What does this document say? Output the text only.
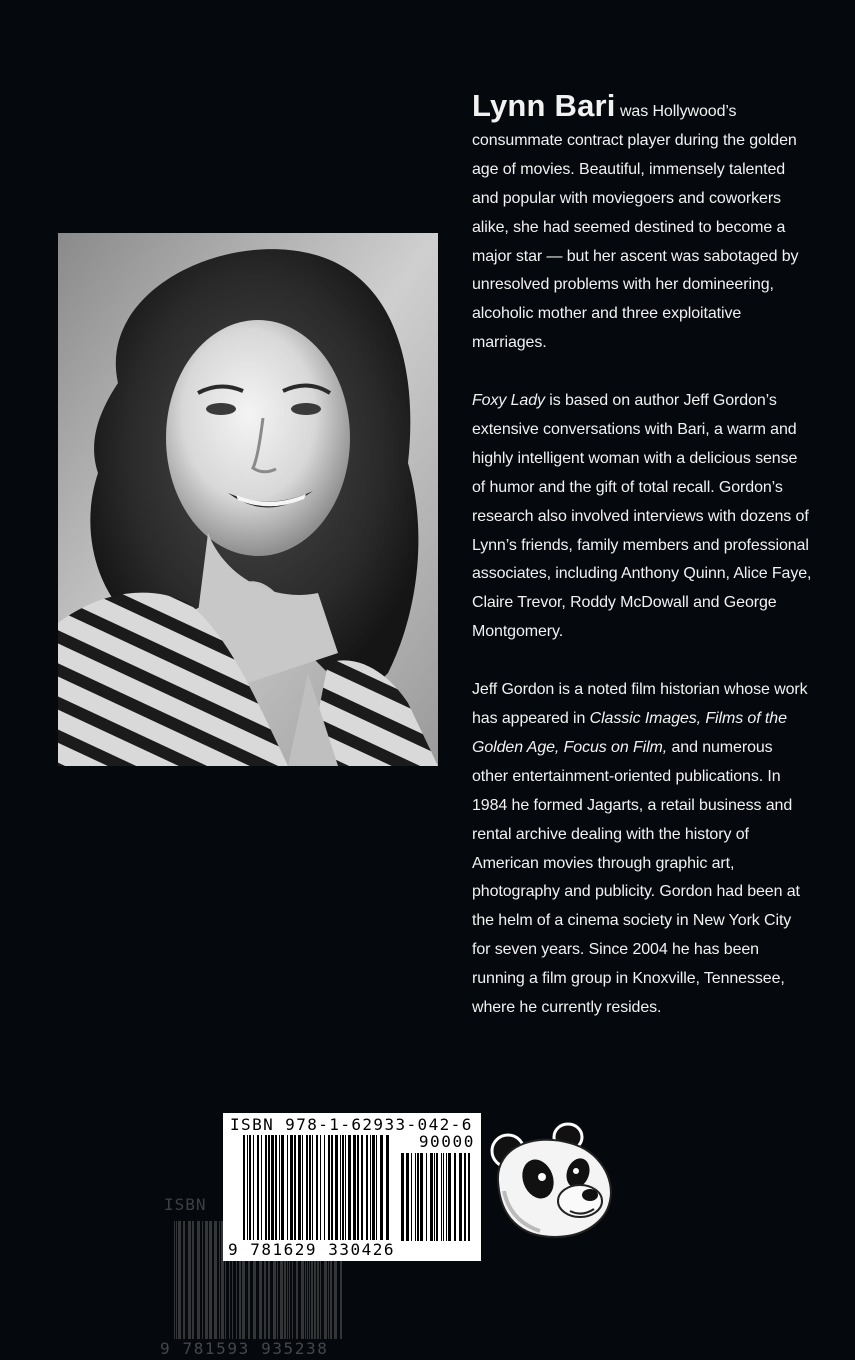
Lynn Bari was Hollywood’s consummate contract player during the golden age of movies. Beautiful, immensely talented and popular with moviegoers and coworkers alike, she had seemed destined to become a major star — but her ascent was sabotaged by unresolved problems with her domineering, alcoholic mother and three exploitative marriages.

Foxy Lady is based on author Jeff Gordon’s extensive conversations with Bari, a warm and highly intelligent woman with a delicious sense of humor and the gift of total recall. Gordon’s research also involved interviews with dozens of Lynn’s friends, family members and professional associates, including Anthony Quinn, Alice Faye, Claire Trevor, Roddy McDowall and George Montgomery.

Jeff Gordon is a noted film historian whose work has appeared in Classic Images, Films of the Golden Age, Focus on Film, and numerous other entertainment-oriented publications. In 1984 he formed Jagarts, a retail business and rental archive dealing with the history of American movies through graphic art, photography and publicity. Gordon had been at the helm of a cinema society in New York City for seven years. Since 2004 he has been running a film group in Knoxville, Tennessee, where he currently resides.

ISBN
9 781593 935238
ISBN 978-1-62933-042-6
90000
9 781629 330426
